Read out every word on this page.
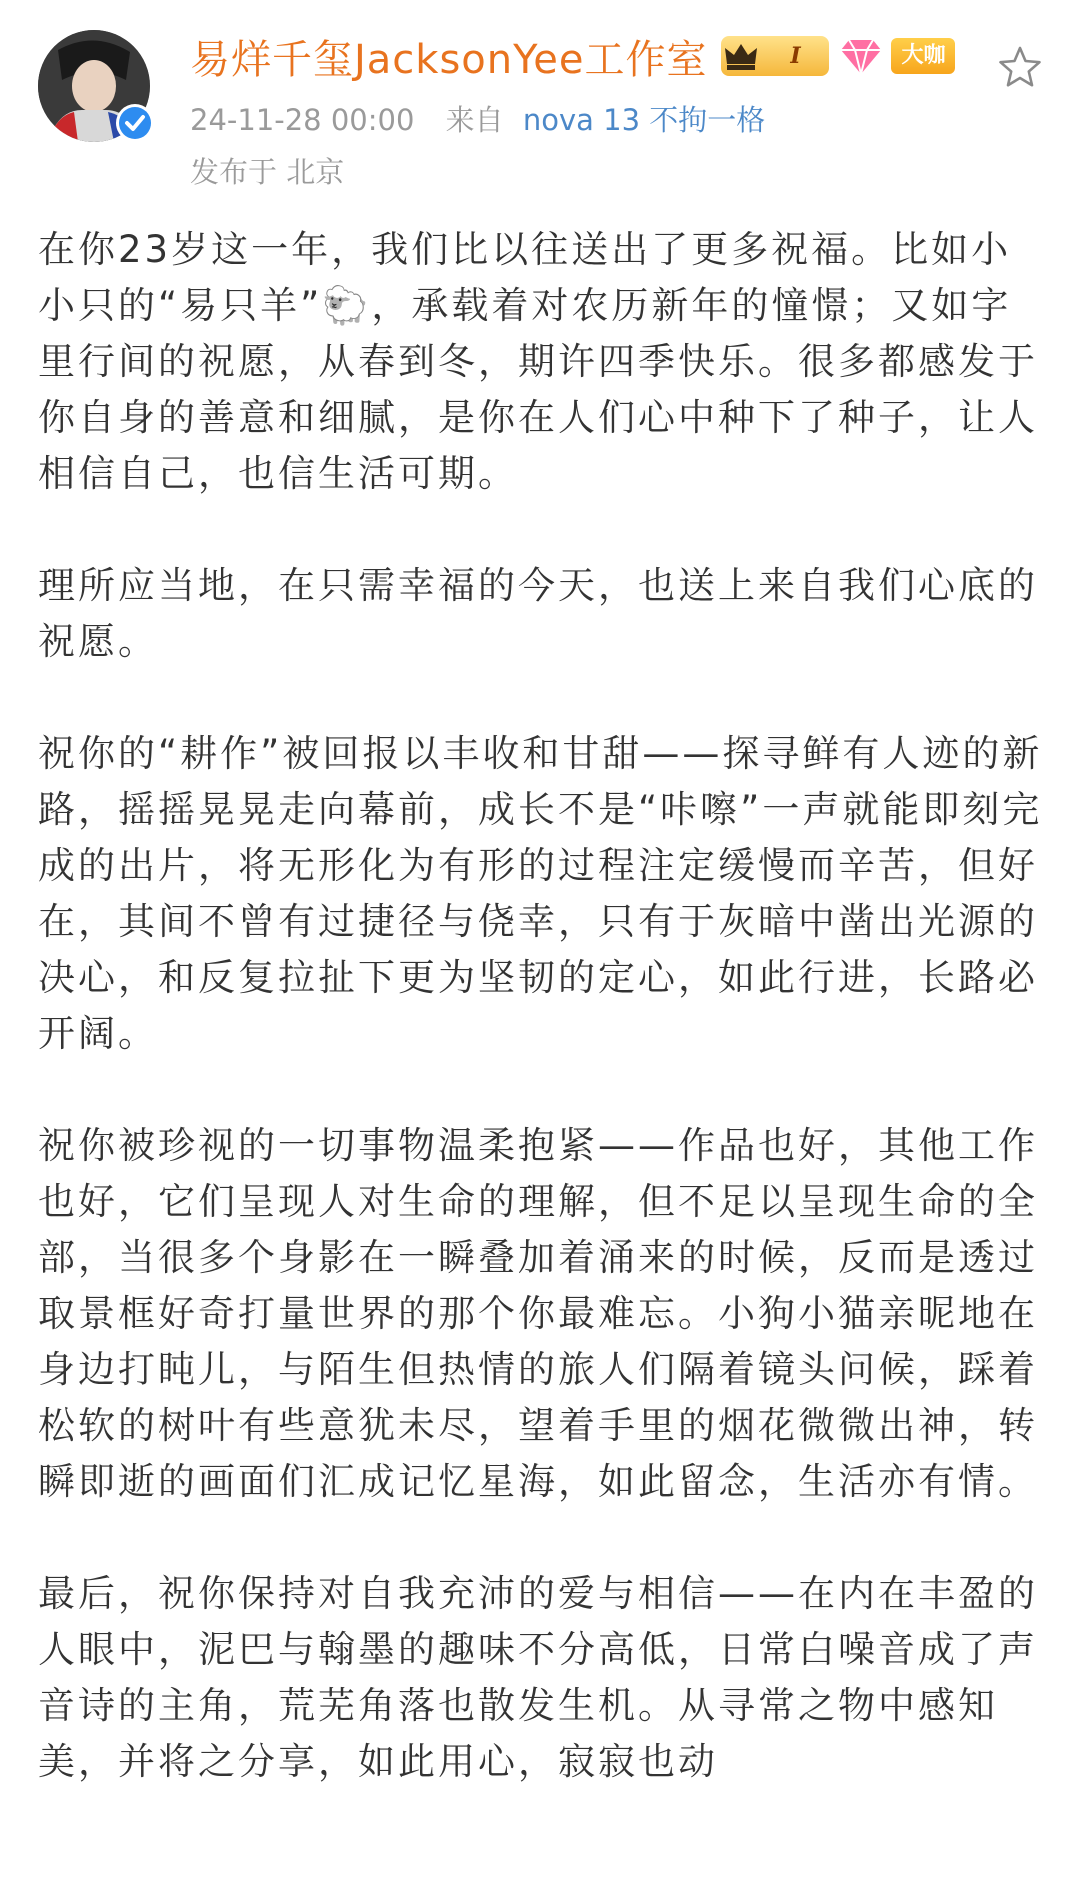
易烊千玺JacksonYee工作室	I	大咖
24-11-28 00:00 来自 nova 13 不拘一格
发布于 北京

在你23岁这一年，我们比以往送出了更多祝福。比如小小只的“易只羊”🐑，承载着对农历新年的憧憬；又如字里行间的祝愿，从春到冬，期许四季快乐。很多都感发于你自身的善意和细腻，是你在人们心中种下了种子，让人相信自己，也信生活可期。

理所应当地，在只需幸福的今天，也送上来自我们心底的祝愿。

祝你的“耕作”被回报以丰收和甘甜——探寻鲜有人迹的新路，摇摇晃晃走向幕前，成长不是“咔嚓”一声就能即刻完成的出片，将无形化为有形的过程注定缓慢而辛苦，但好在，其间不曾有过捷径与侥幸，只有于灰暗中凿出光源的决心，和反复拉扯下更为坚韧的定心，如此行进，长路必开阔。

祝你被珍视的一切事物温柔抱紧——作品也好，其他工作也好，它们呈现人对生命的理解，但不足以呈现生命的全部，当很多个身影在一瞬叠加着涌来的时候，反而是透过取景框好奇打量世界的那个你最难忘。小狗小猫亲昵地在身边打盹儿，与陌生但热情的旅人们隔着镜头问候，踩着松软的树叶有些意犹未尽，望着手里的烟花微微出神，转瞬即逝的画面们汇成记忆星海，如此留念，生活亦有情。

最后，祝你保持对自我充沛的爱与相信——在内在丰盈的人眼中，泥巴与翰墨的趣味不分高低，日常白噪音成了声音诗的主角，荒芜角落也散发生机。从寻常之物中感知美，并将之分享，如此用心，寂寂也动
